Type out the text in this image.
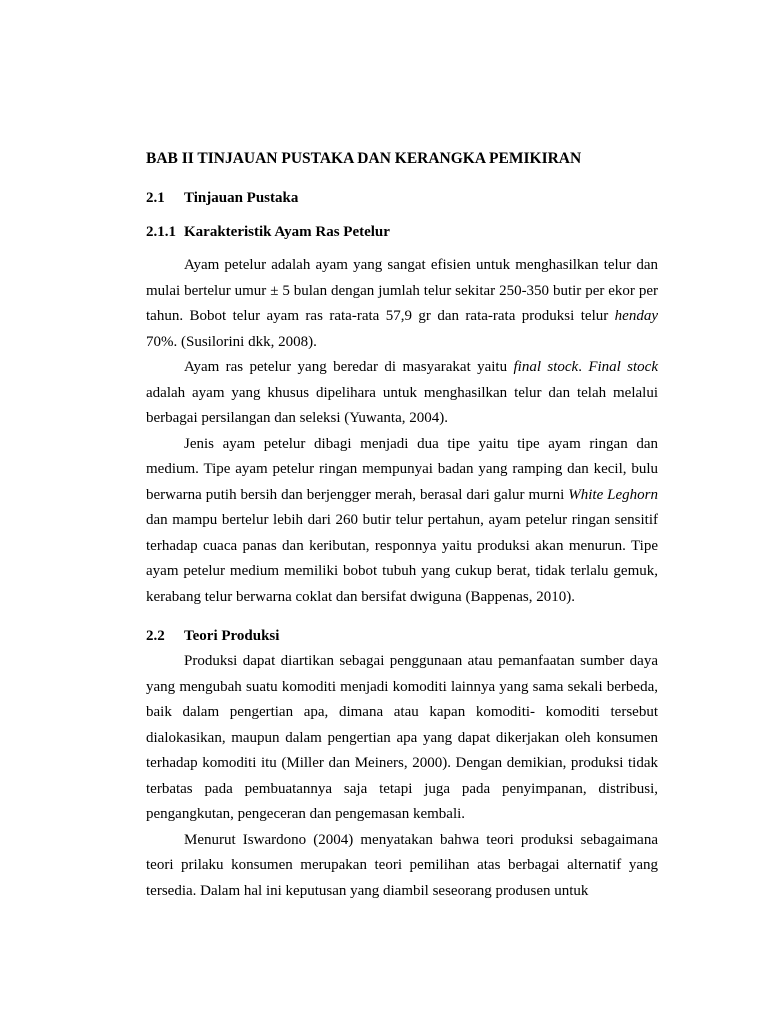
BAB II TINJAUAN PUSTAKA DAN KERANGKA PEMIKIRAN
2.1	Tinjauan Pustaka
2.1.1 Karakteristik Ayam Ras Petelur

Ayam petelur adalah ayam yang sangat efisien untuk menghasilkan telur dan mulai bertelur umur ± 5 bulan dengan jumlah telur sekitar 250-350 butir per ekor per tahun. Bobot telur ayam ras rata-rata 57,9 gr dan rata-rata produksi telur henday 70%. (Susilorini dkk, 2008).

Ayam ras petelur yang beredar di masyarakat yaitu final stock. Final stock adalah ayam yang khusus dipelihara untuk menghasilkan telur dan telah melalui berbagai persilangan dan seleksi (Yuwanta, 2004).

Jenis ayam petelur dibagi menjadi dua tipe yaitu tipe ayam ringan dan medium. Tipe ayam petelur ringan mempunyai badan yang ramping dan kecil, bulu berwarna putih bersih dan berjengger merah, berasal dari galur murni White Leghorn dan mampu bertelur lebih dari 260 butir telur pertahun, ayam petelur ringan sensitif terhadap cuaca panas dan keributan, responnya yaitu produksi akan menurun. Tipe ayam petelur medium memiliki bobot tubuh yang cukup berat, tidak terlalu gemuk, kerabang telur berwarna coklat dan bersifat dwiguna (Bappenas, 2010).

2.2	Teori Produksi

Produksi dapat diartikan sebagai penggunaan atau pemanfaatan sumber daya yang mengubah suatu komoditi menjadi komoditi lainnya yang sama sekali berbeda, baik dalam pengertian apa, dimana atau kapan komoditi- komoditi tersebut dialokasikan, maupun dalam pengertian apa yang dapat dikerjakan oleh konsumen terhadap komoditi itu (Miller dan Meiners, 2000). Dengan demikian, produksi tidak terbatas pada pembuatannya saja tetapi juga pada penyimpanan, distribusi, pengangkutan, pengeceran dan pengemasan kembali.

Menurut Iswardono (2004) menyatakan bahwa teori produksi sebagaimana teori prilaku konsumen merupakan teori pemilihan atas berbagai alternatif yang tersedia. Dalam hal ini keputusan yang diambil seseorang produsen untuk
